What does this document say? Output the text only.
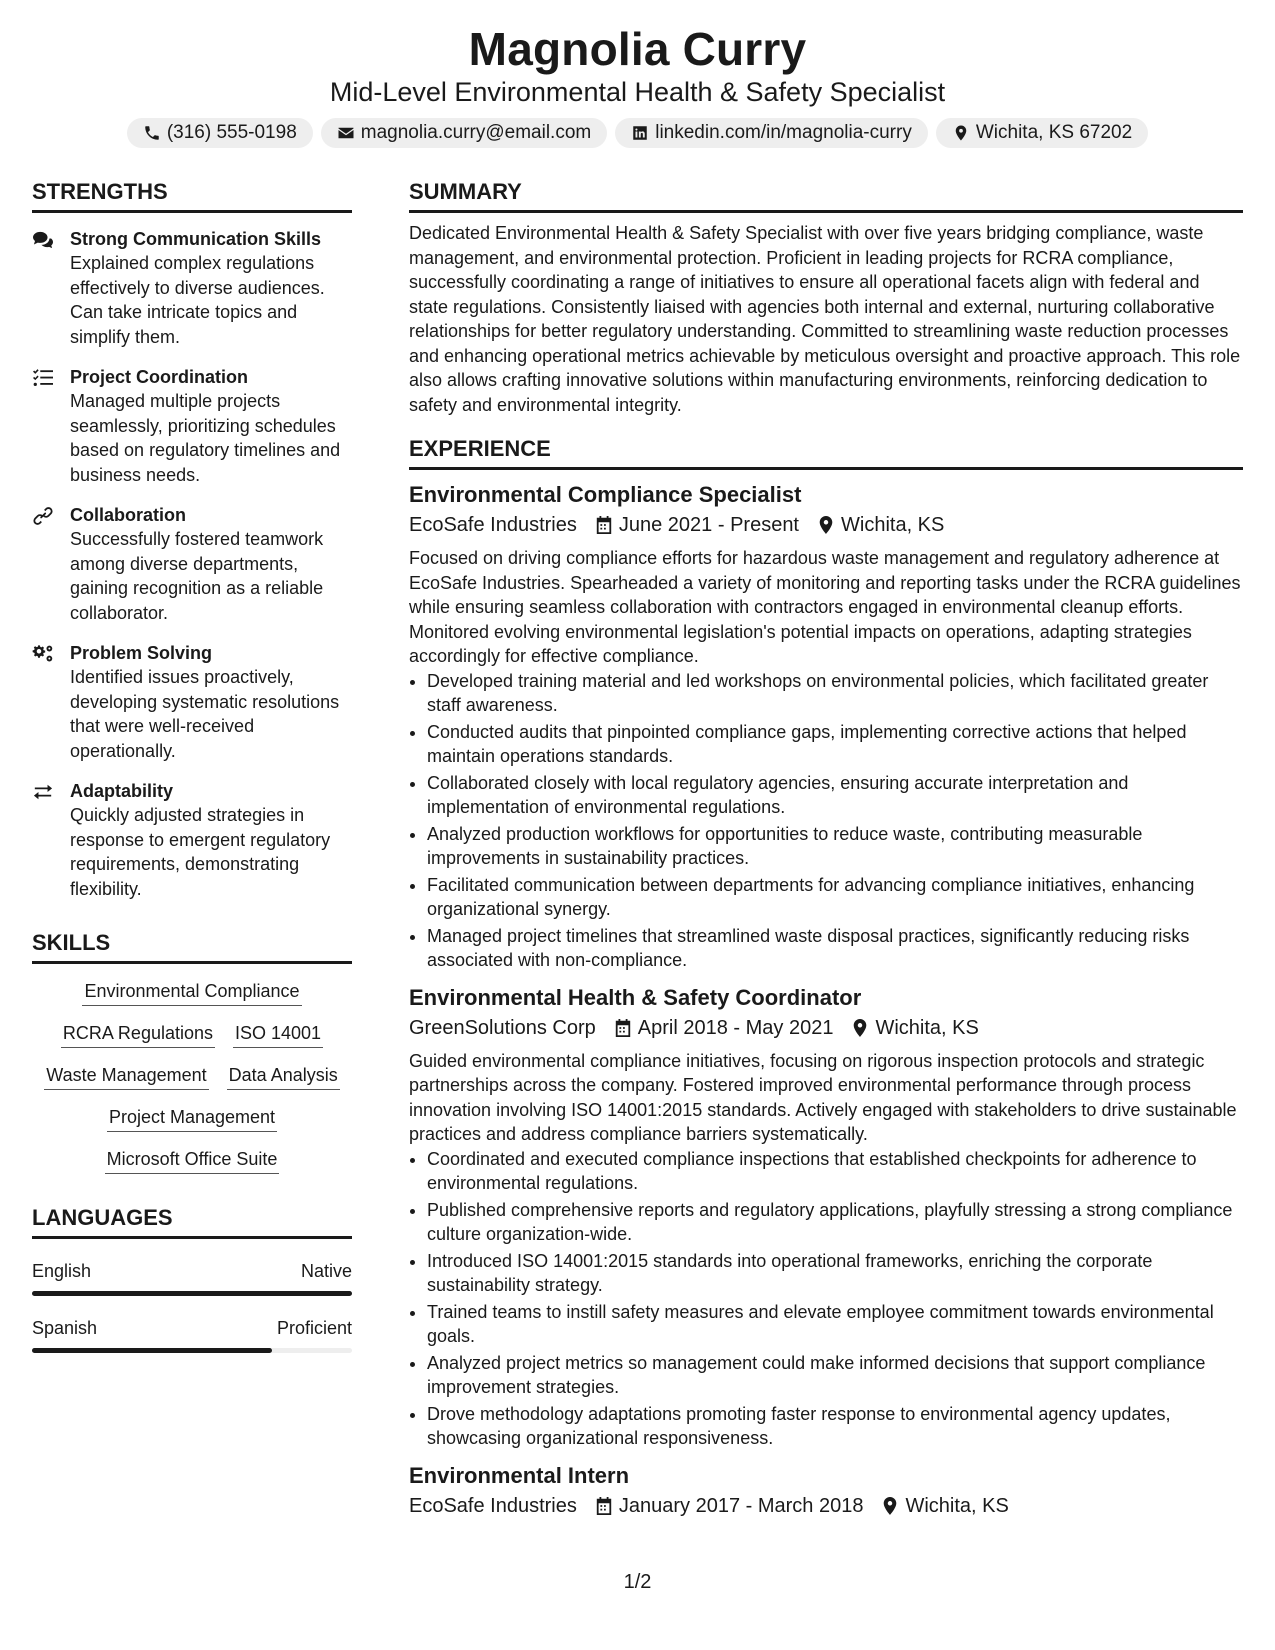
Magnolia Curry
Mid-Level Environmental Health & Safety Specialist
(316) 555-0198	magnolia.curry@email.com	linkedin.com/in/magnolia-curry	Wichita, KS 67202
STRENGTHS
Strong Communication Skills
Explained complex regulations effectively to diverse audiences. Can take intricate topics and simplify them.
Project Coordination
Managed multiple projects seamlessly, prioritizing schedules based on regulatory timelines and business needs.
Collaboration
Successfully fostered teamwork among diverse departments, gaining recognition as a reliable collaborator.
Problem Solving
Identified issues proactively, developing systematic resolutions that were well-received operationally.
Adaptability
Quickly adjusted strategies in response to emergent regulatory requirements, demonstrating flexibility.
SKILLS
Environmental Compliance
RCRA Regulations ISO 14001
Waste Management Data Analysis
Project Management
Microsoft Office Suite
LANGUAGES
English	Native
Spanish	Proficient
SUMMARY
Dedicated Environmental Health & Safety Specialist with over five years bridging compliance, waste management, and environmental protection. Proficient in leading projects for RCRA compliance, successfully coordinating a range of initiatives to ensure all operational facets align with federal and state regulations. Consistently liaised with agencies both internal and external, nurturing collaborative relationships for better regulatory understanding. Committed to streamlining waste reduction processes and enhancing operational metrics achievable by meticulous oversight and proactive approach. This role also allows crafting innovative solutions within manufacturing environments, reinforcing dedication to safety and environmental integrity.
EXPERIENCE
Environmental Compliance Specialist
EcoSafe Industries June 2021 - Present Wichita, KS
Focused on driving compliance efforts for hazardous waste management and regulatory adherence at EcoSafe Industries. Spearheaded a variety of monitoring and reporting tasks under the RCRA guidelines while ensuring seamless collaboration with contractors engaged in environmental cleanup efforts. Monitored evolving environmental legislation's potential impacts on operations, adapting strategies accordingly for effective compliance.
• Developed training material and led workshops on environmental policies, which facilitated greater staff awareness.
• Conducted audits that pinpointed compliance gaps, implementing corrective actions that helped maintain operations standards.
• Collaborated closely with local regulatory agencies, ensuring accurate interpretation and implementation of environmental regulations.
• Analyzed production workflows for opportunities to reduce waste, contributing measurable improvements in sustainability practices.
• Facilitated communication between departments for advancing compliance initiatives, enhancing organizational synergy.
• Managed project timelines that streamlined waste disposal practices, significantly reducing risks associated with non-compliance.
Environmental Health & Safety Coordinator
GreenSolutions Corp April 2018 - May 2021 Wichita, KS
Guided environmental compliance initiatives, focusing on rigorous inspection protocols and strategic partnerships across the company. Fostered improved environmental performance through process innovation involving ISO 14001:2015 standards. Actively engaged with stakeholders to drive sustainable practices and address compliance barriers systematically.
• Coordinated and executed compliance inspections that established checkpoints for adherence to environmental regulations.
• Published comprehensive reports and regulatory applications, playfully stressing a strong compliance culture organization-wide.
• Introduced ISO 14001:2015 standards into operational frameworks, enriching the corporate sustainability strategy.
• Trained teams to instill safety measures and elevate employee commitment towards environmental goals.
• Analyzed project metrics so management could make informed decisions that support compliance improvement strategies.
• Drove methodology adaptations promoting faster response to environmental agency updates, showcasing organizational responsiveness.
Environmental Intern
EcoSafe Industries January 2017 - March 2018 Wichita, KS
1/2
